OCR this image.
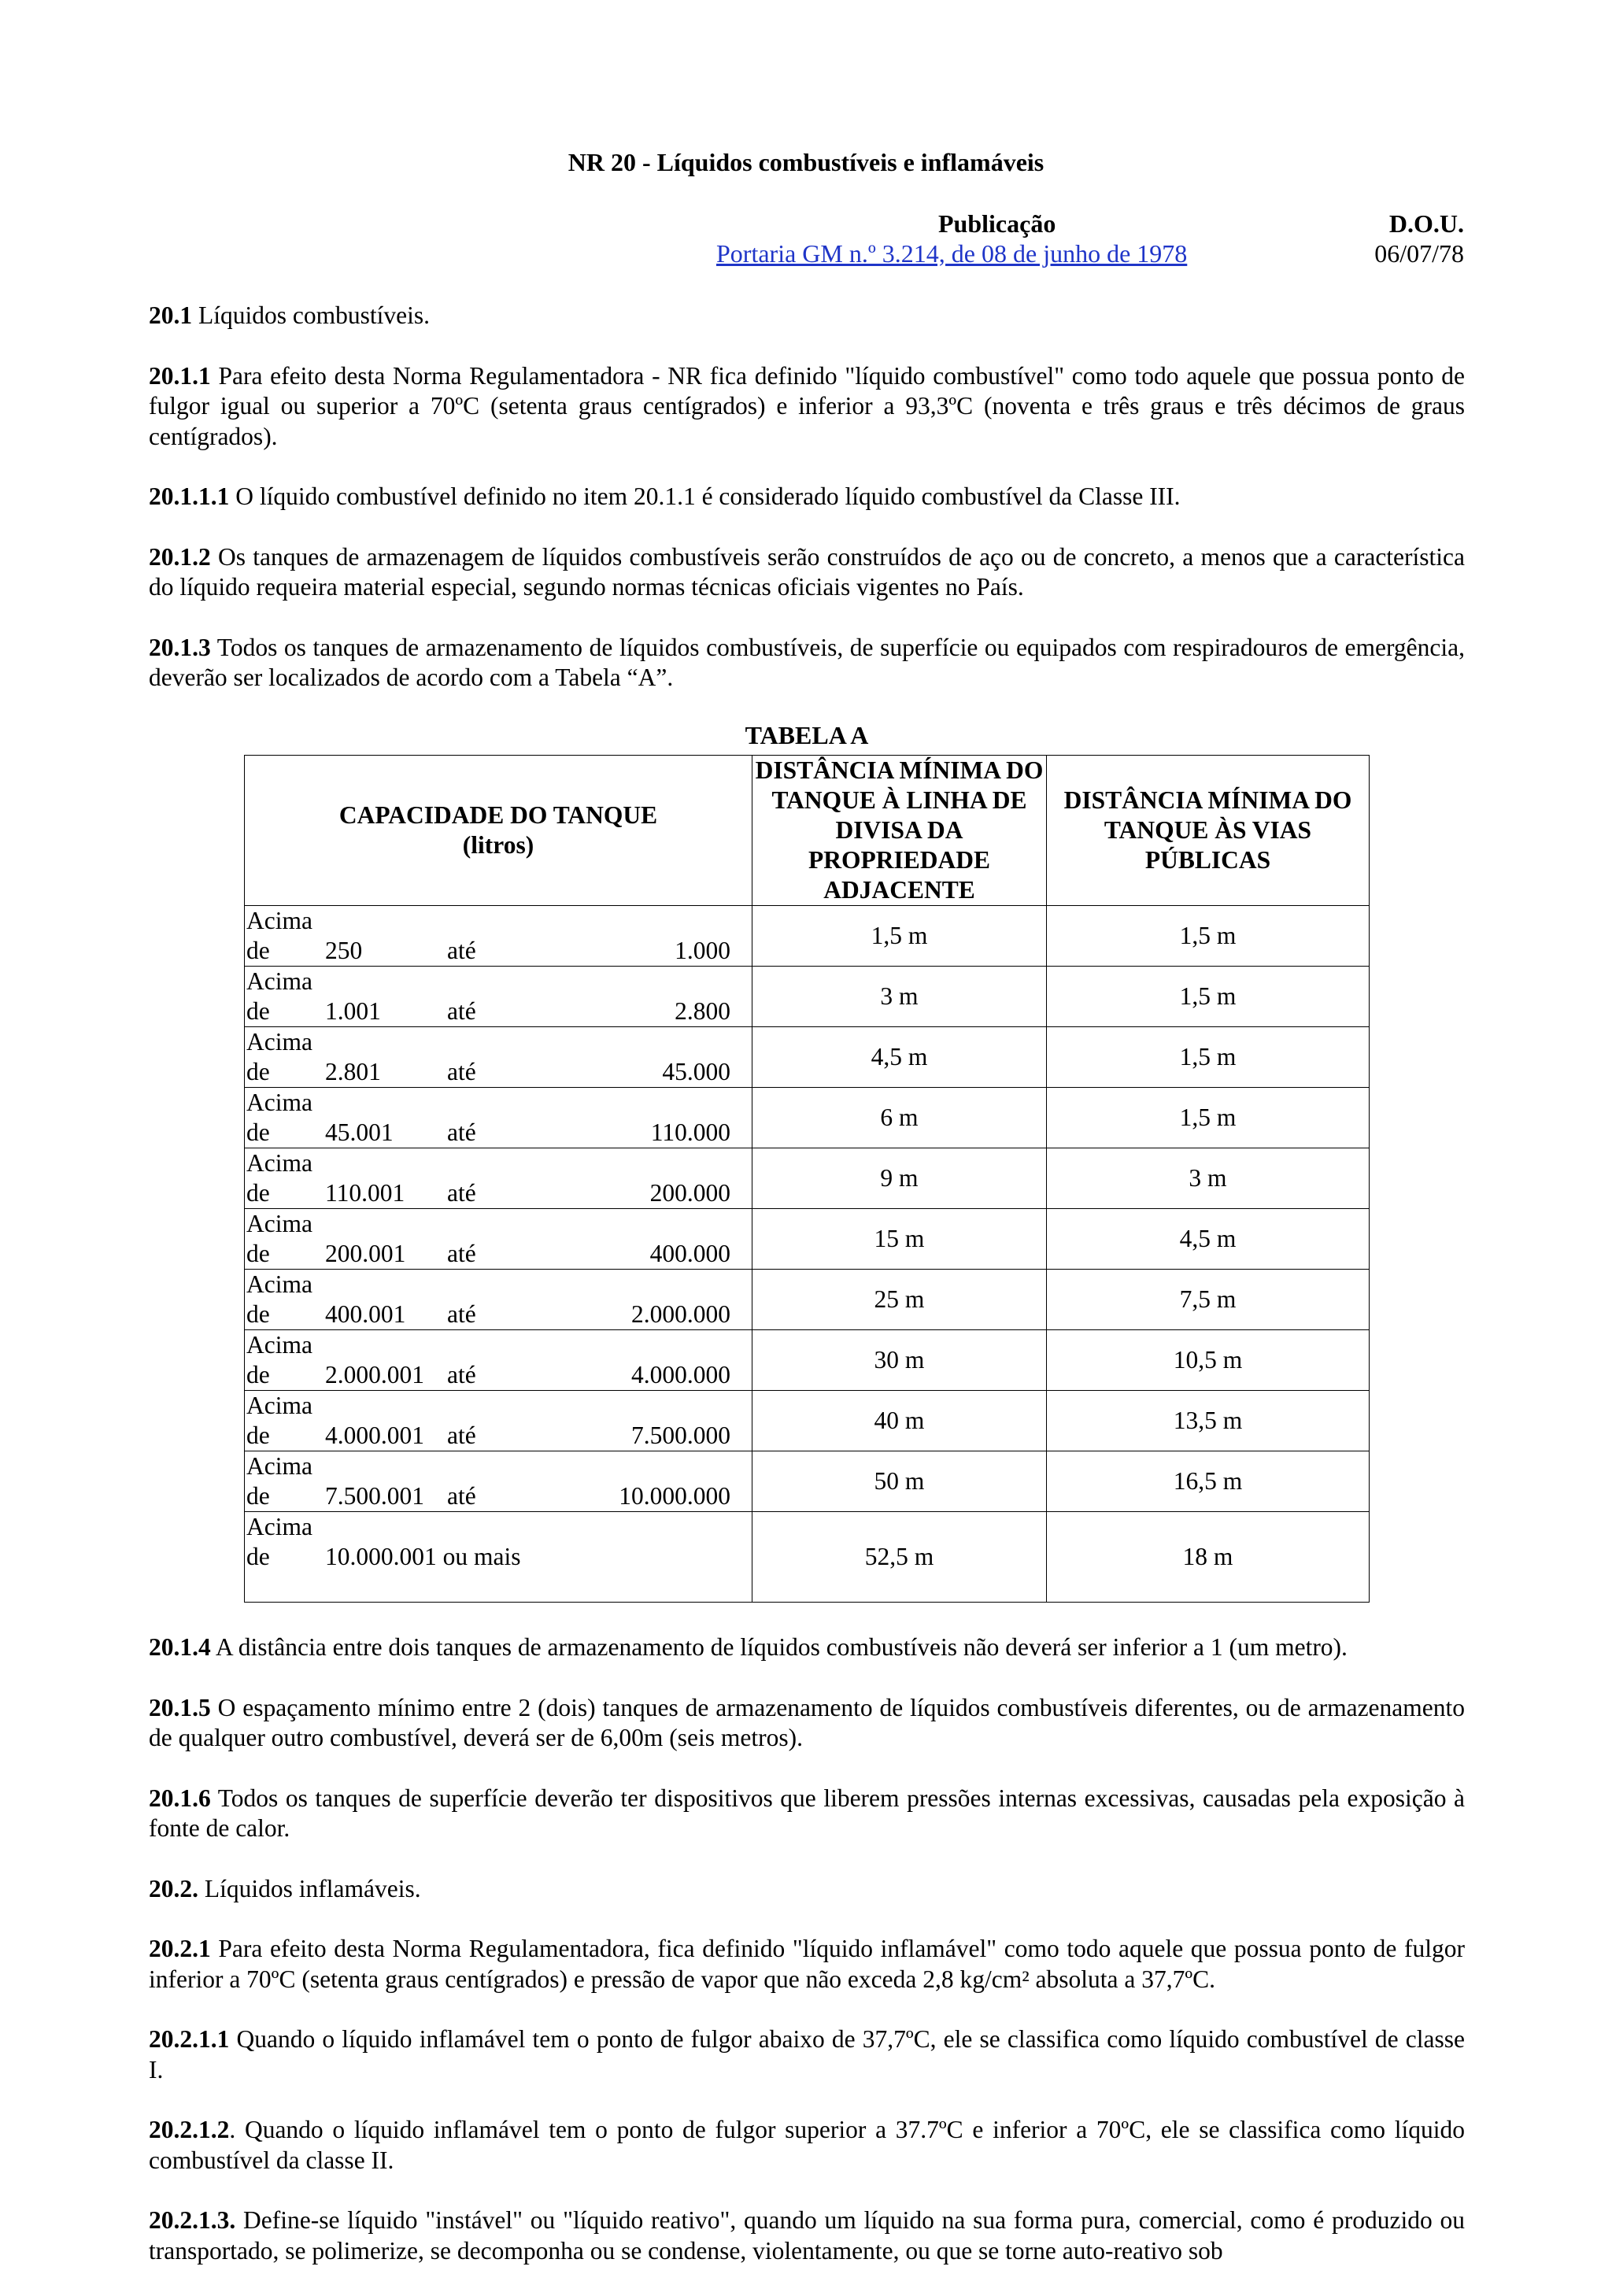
NR 20 - Líquidos combustíveis e inflamáveis
Publicação	D.O.U.
Portaria GM n.º 3.214, de 08 de junho de 1978	06/07/78

20.1 Líquidos combustíveis.

20.1.1 Para efeito desta Norma Regulamentadora - NR fica definido "líquido combustível" como todo aquele que possua ponto de fulgor igual ou superior a 70ºC (setenta graus centígrados) e inferior a 93,3ºC (noventa e três graus e três décimos de graus centígrados).

20.1.1.1 O líquido combustível definido no item 20.1.1 é considerado líquido combustível da Classe III.

20.1.2 Os tanques de armazenagem de líquidos combustíveis serão construídos de aço ou de concreto, a menos que a característica do líquido requeira material especial, segundo normas técnicas oficiais vigentes no País.

20.1.3 Todos os tanques de armazenamento de líquidos combustíveis, de superfície ou equipados com respiradouros de emergência, deverão ser localizados de acordo com a Tabela “A”.

TABELA A
CAPACIDADE DO TANQUE
(litros)	DISTÂNCIA MÍNIMA DO TANQUE À LINHA DE DIVISA DA PROPRIEDADE ADJACENTE	DISTÂNCIA MÍNIMA DO TANQUE ÀS VIAS PÚBLICAS
Acima de 250 até 1.000	1,5 m	1,5 m
Acima de 1.001 até 2.800	3 m	1,5 m
Acima de 2.801 até 45.000	4,5 m	1,5 m
Acima de 45.001 até 110.000	6 m	1,5 m
Acima de 110.001 até 200.000	9 m	3 m
Acima de 200.001 até 400.000	15 m	4,5 m
Acima de 400.001 até 2.000.000	25 m	7,5 m
Acima de 2.000.001 até 4.000.000	30 m	10,5 m
Acima de 4.000.001 até 7.500.000	40 m	13,5 m
Acima de 7.500.001 até 10.000.000	50 m	16,5 m
Acima de 10.000.001 ou mais	52,5 m	18 m

20.1.4 A distância entre dois tanques de armazenamento de líquidos combustíveis não deverá ser inferior a 1 (um metro).

20.1.5 O espaçamento mínimo entre 2 (dois) tanques de armazenamento de líquidos combustíveis diferentes, ou de armazenamento de qualquer outro combustível, deverá ser de 6,00m (seis metros).

20.1.6 Todos os tanques de superfície deverão ter dispositivos que liberem pressões internas excessivas, causadas pela exposição à fonte de calor.

20.2. Líquidos inflamáveis.

20.2.1 Para efeito desta Norma Regulamentadora, fica definido "líquido inflamável" como todo aquele que possua ponto de fulgor inferior a 70ºC (setenta graus centígrados) e pressão de vapor que não exceda 2,8 kg/cm² absoluta a 37,7ºC.

20.2.1.1 Quando o líquido inflamável tem o ponto de fulgor abaixo de 37,7ºC, ele se classifica como líquido combustível de classe I.

20.2.1.2. Quando o líquido inflamável tem o ponto de fulgor superior a 37.7ºC e inferior a 70ºC, ele se classifica como líquido combustível da classe II.

20.2.1.3. Define-se líquido "instável" ou "líquido reativo", quando um líquido na sua forma pura, comercial, como é produzido ou transportado, se polimerize, se decomponha ou se condense, violentamente, ou que se torne auto-reativo sob
